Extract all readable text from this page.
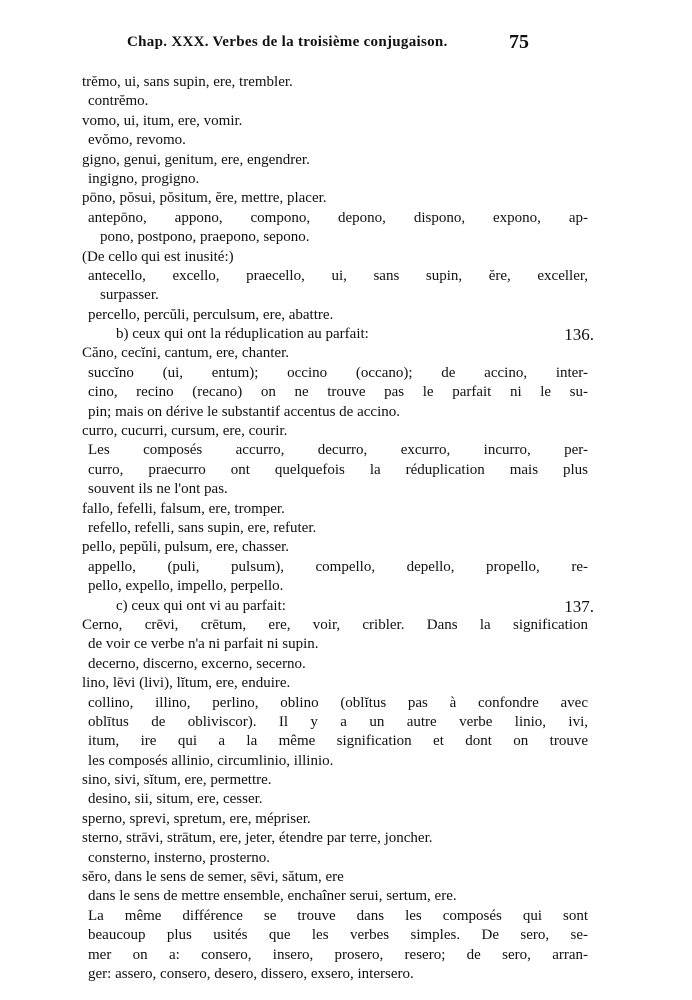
Chap. XXX. Verbes de la troisième conjugaison.	75
trĕmo, ui, sans supin, ere, trembler.
contrĕmo.
vomo, ui, itum, ere, vomir.
evŏmo, revomo.
gigno, genui, genitum, ere, engendrer.
ingigno, progigno.
pōno, pŏsui, pŏsitum, ĕre, mettre, placer.
antepōno, appono, compono, depono, dispono, expono, ap-
pono, postpono, praepono, sepono.
(De cello qui est inusité:)
antecello, excello, praecello, ui, sans supin, ĕre, exceller,
surpasser.
percello, percŭli, perculsum, ere, abattre.
b) ceux qui ont la réduplication au parfait:	136.
Căno, cecĭni, cantum, ere, chanter.
succĭno (ui, entum); occino (occano); de accino, inter-
cino, recino (recano) on ne trouve pas le parfait ni le su-
pin; mais on dérive le substantif accentus de accino.
curro, cucurri, cursum, ere, courir.
Les composés accurro, decurro, excurro, incurro, per-
curro, praecurro ont quelquefois la réduplication mais plus
souvent ils ne l'ont pas.
fallo, fefelli, falsum, ere, tromper.
refello, refelli, sans supin, ere, refuter.
pello, pepŭli, pulsum, ere, chasser.
appello, (puli, pulsum), compello, depello, propello, re-
pello, expello, impello, perpello.
c) ceux qui ont vi au parfait:	137.
Cerno, crēvi, crētum, ere, voir, cribler. Dans la signification
de voir ce verbe n'a ni parfait ni supin.
decerno, discerno, excerno, secerno.
lino, lēvi (livi), lĭtum, ere, enduire.
collino, illino, perlino, oblino (oblĭtus pas à confondre avec
oblītus de obliviscor). Il y a un autre verbe linio, ivi,
itum, ire qui a la même signification et dont on trouve
les composés allinio, circumlinio, illinio.
sino, sivi, sĭtum, ere, permettre.
desino, sii, situm, ere, cesser.
sperno, sprevi, spretum, ere, mépriser.
sterno, strāvi, strātum, ere, jeter, étendre par terre, joncher.
consterno, insterno, prosterno.
sĕro, dans le sens de semer, sēvi, sătum, ere
dans le sens de mettre ensemble, enchaîner serui, sertum, ere.
La même différence se trouve dans les composés qui sont
beaucoup plus usités que les verbes simples. De sero, se-
mer on a: consero, insero, prosero, resero; de sero, arran-
ger: assero, consero, desero, dissero, exsero, intersero.
